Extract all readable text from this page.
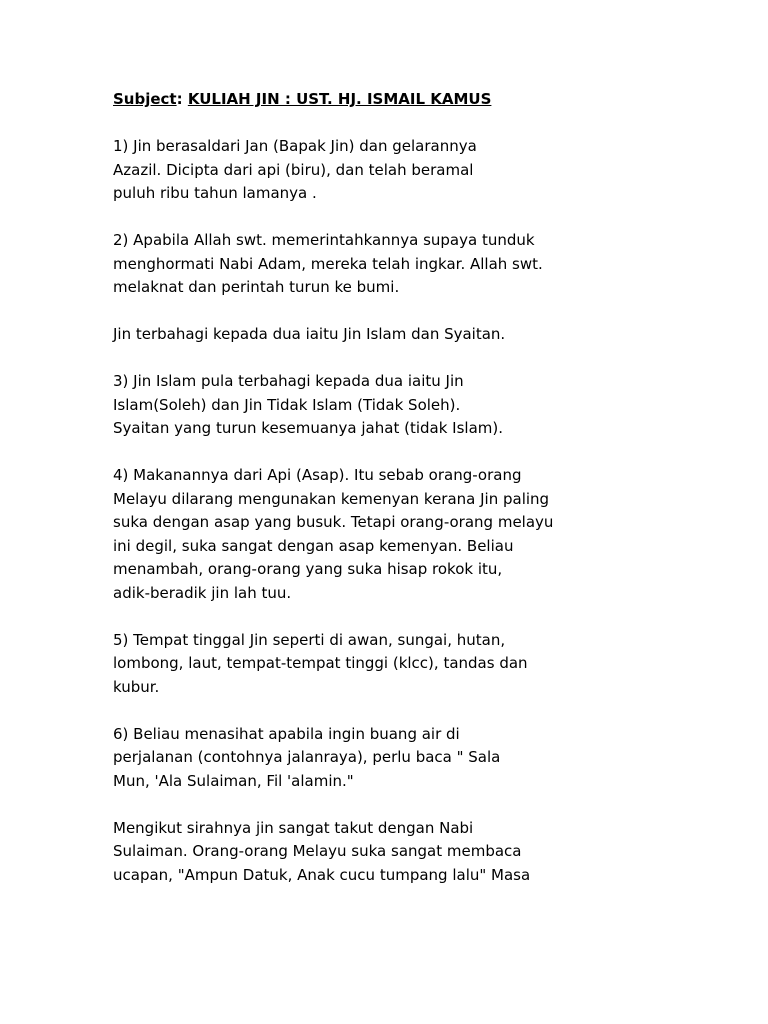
Subject: KULIAH JIN : UST. HJ. ISMAIL KAMUS
1) Jin berasaldari Jan (Bapak Jin) dan gelarannya
Azazil. Dicipta dari api (biru), dan telah beramal
puluh ribu tahun lamanya .
2) Apabila Allah swt. memerintahkannya supaya tunduk
menghormati Nabi Adam, mereka telah ingkar. Allah swt.
melaknat dan perintah turun ke bumi.
Jin terbahagi kepada dua iaitu Jin Islam dan Syaitan.
3) Jin Islam pula terbahagi kepada dua iaitu Jin
Islam(Soleh) dan Jin Tidak Islam (Tidak Soleh).
Syaitan yang turun kesemuanya jahat (tidak Islam).
4) Makanannya dari Api (Asap). Itu sebab orang-orang
Melayu dilarang mengunakan kemenyan kerana Jin paling
suka dengan asap yang busuk. Tetapi orang-orang melayu
ini degil, suka sangat dengan asap kemenyan. Beliau
menambah, orang-orang yang suka hisap rokok itu,
adik-beradik jin lah tuu.
5) Tempat tinggal Jin seperti di awan, sungai, hutan,
lombong, laut, tempat-tempat tinggi (klcc), tandas dan
kubur.
6) Beliau menasihat apabila ingin buang air di
perjalanan (contohnya jalanraya), perlu baca " Sala
Mun, 'Ala Sulaiman, Fil 'alamin."
Mengikut sirahnya jin sangat takut dengan Nabi
Sulaiman. Orang-orang Melayu suka sangat membaca
ucapan, "Ampun Datuk, Anak cucu tumpang lalu" Masa
